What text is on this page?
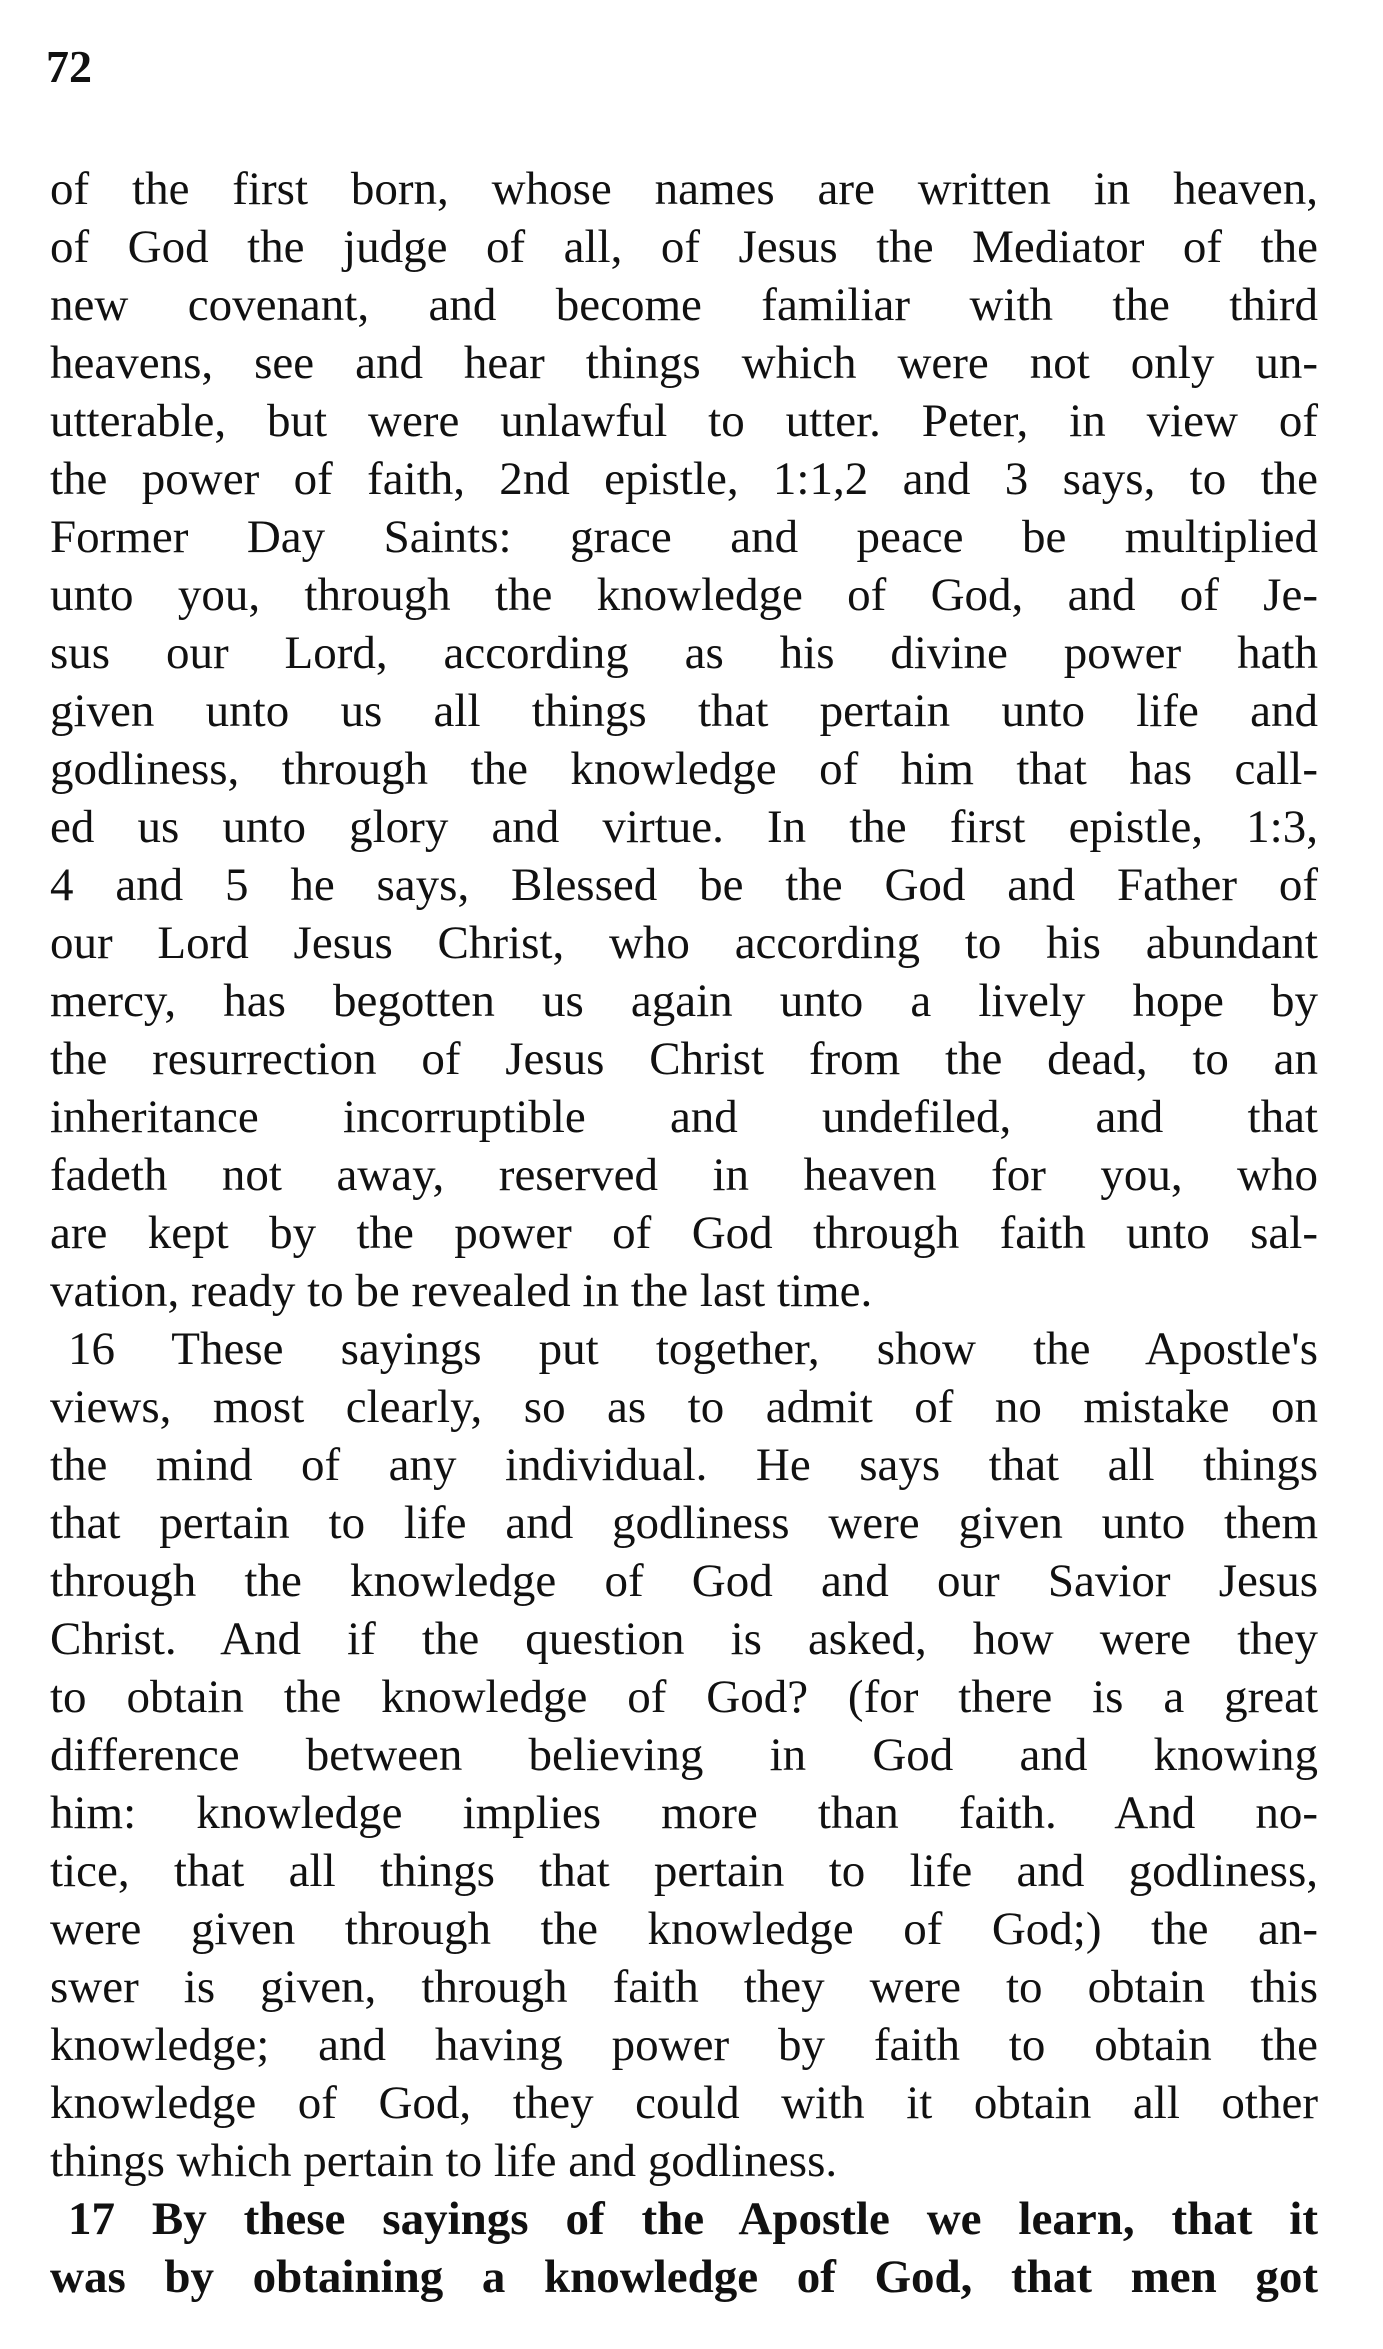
72
of the first born, whose names are written in heaven,
of God the judge of all, of Jesus the Mediator of the
new covenant, and become familiar with the third
heavens, see and hear things which were not only un-
utterable, but were unlawful to utter. Peter, in view of
the power of faith, 2nd epistle, 1:1,2 and 3 says, to the
Former Day Saints: grace and peace be multiplied
unto you, through the knowledge of God, and of Je-
sus our Lord, according as his divine power hath
given unto us all things that pertain unto life and
godliness, through the knowledge of him that has call-
ed us unto glory and virtue. In the first epistle, 1:3,
4 and 5 he says, Blessed be the God and Father of
our Lord Jesus Christ, who according to his abundant
mercy, has begotten us again unto a lively hope by
the resurrection of Jesus Christ from the dead, to an
inheritance incorruptible and undefiled, and that
fadeth not away, reserved in heaven for you, who
are kept by the power of God through faith unto sal-
vation, ready to be revealed in the last time.
16 These sayings put together, show the Apostle's
views, most clearly, so as to admit of no mistake on
the mind of any individual. He says that all things
that pertain to life and godliness were given unto them
through the knowledge of God and our Savior Jesus
Christ. And if the question is asked, how were they
to obtain the knowledge of God? (for there is a great
difference between believing in God and knowing
him: knowledge implies more than faith. And no-
tice, that all things that pertain to life and godliness,
were given through the knowledge of God;) the an-
swer is given, through faith they were to obtain this
knowledge; and having power by faith to obtain the
knowledge of God, they could with it obtain all other
things which pertain to life and godliness.
17 By these sayings of the Apostle we learn, that it
was by obtaining a knowledge of God, that men got
